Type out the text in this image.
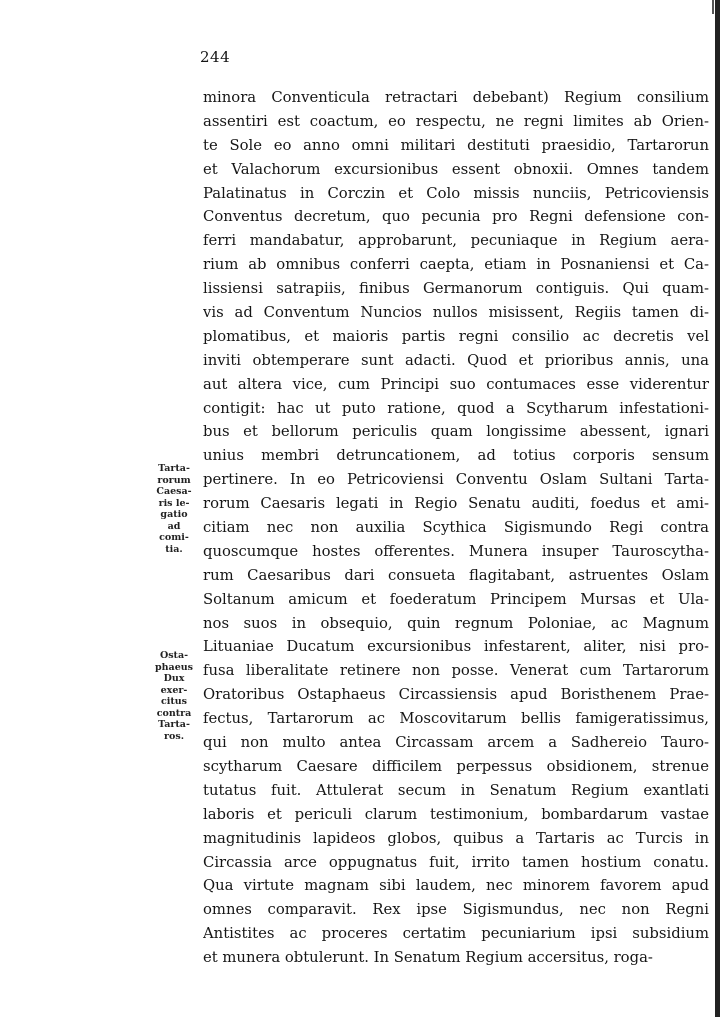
244
Tarta-
rorum
Caesa-
ris le-
gatio
ad
comi-
tia.
Osta-
phaeus
Dux
exer-
citus
contra
Tarta-
ros.
minora Conventicula retractari debebant) Regium consilium
assentiri est coactum, eo respectu, ne regni limites ab Orien-
te Sole eo anno omni militari destituti praesidio, Tartarorun
et Valachorum excursionibus essent obnoxii. Omnes tandem
Palatinatus in Corczin et Colo missis nunciis, Petricoviensis
Conventus decretum, quo pecunia pro Regni defensione con-
ferri mandabatur, approbarunt, pecuniaque in Regium aera-
rium ab omnibus conferri caepta, etiam in Posnaniensi et Ca-
lissiensi satrapiis, finibus Germanorum contiguis. Qui quam-
vis ad Conventum Nuncios nullos misissent, Regiis tamen di-
plomatibus, et maioris partis regni consilio ac decretis vel
inviti obtemperare sunt adacti. Quod et prioribus annis, una
aut altera vice, cum Principi suo contumaces esse viderentur
contigit: hac ut puto ratione, quod a Scytharum infestationi-
bus et bellorum periculis quam longissime abessent, ignari
unius membri detruncationem, ad totius corporis sensum
pertinere. In eo Petricoviensi Conventu Oslam Sultani Tarta-
rorum Caesaris legati in Regio Senatu auditi, foedus et ami-
citiam nec non auxilia Scythica Sigismundo Regi contra
quoscumque hostes offerentes. Munera insuper Tauroscytha-
rum Caesaribus dari consueta flagitabant, astruentes Oslam
Soltanum amicum et foederatum Principem Mursas et Ula-
nos suos in obsequio, quin regnum Poloniae, ac Magnum
Lituaniae Ducatum excursionibus infestarent, aliter, nisi pro-
fusa liberalitate retinere non posse. Venerat cum Tartarorum
Oratoribus Ostaphaeus Circassiensis apud Boristhenem Prae-
fectus, Tartarorum ac Moscovitarum bellis famigeratissimus,
qui non multo antea Circassam arcem a Sadhereio Tauro-
scytharum Caesare difficilem perpessus obsidionem, strenue
tutatus fuit. Attulerat secum in Senatum Regium exantlati
laboris et periculi clarum testimonium, bombardarum vastae
magnitudinis lapideos globos, quibus a Tartaris ac Turcis in
Circassia arce oppugnatus fuit, irrito tamen hostium conatu.
Qua virtute magnam sibi laudem, nec minorem favorem apud
omnes comparavit. Rex ipse Sigismundus, nec non Regni
Antistites ac proceres certatim pecuniarium ipsi subsidium
et munera obtulerunt. In Senatum Regium accersitus, roga-
